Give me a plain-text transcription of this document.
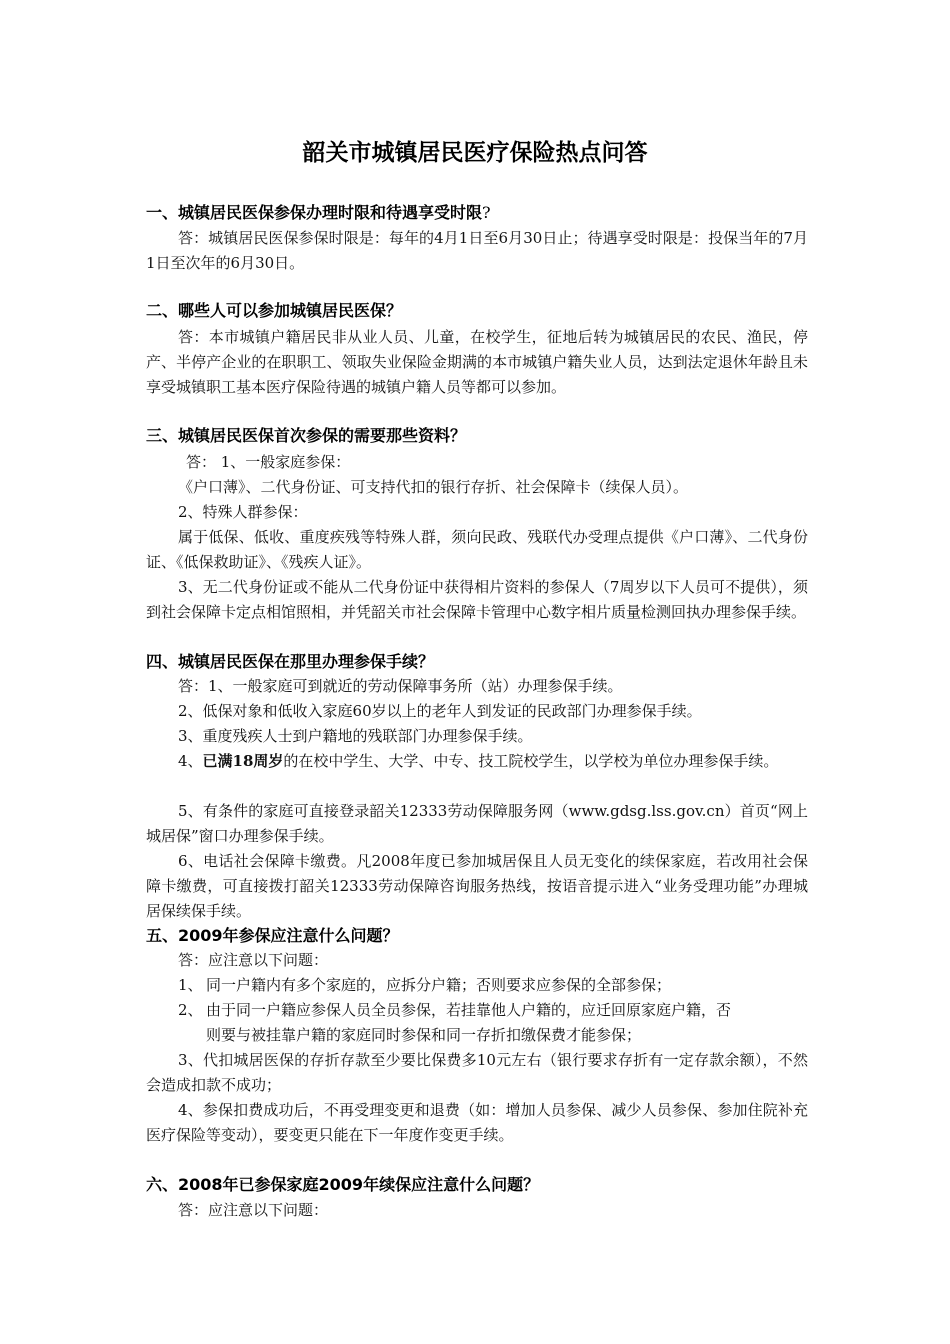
韶关市城镇居民医疗保险热点问答
一、城镇居民医保参保办理时限和待遇享受时限?
答：城镇居民医保参保时限是：每年的4月1日至6月30日止；待遇享受时限是：投保当年的7月1日至次年的6月30日。
二、哪些人可以参加城镇居民医保？
答：本市城镇户籍居民非从业人员、儿童，在校学生，征地后转为城镇居民的农民、渔民，停产、半停产企业的在职职工、领取失业保险金期满的本市城镇户籍失业人员，达到法定退休年龄且未享受城镇职工基本医疗保险待遇的城镇户籍人员等都可以参加。
三、城镇居民医保首次参保的需要那些资料？
答： 1、一般家庭参保：
《户口薄》、二代身份证、可支持代扣的银行存折、社会保障卡（续保人员）。
2、特殊人群参保：
属于低保、低收、重度疾残等特殊人群，须向民政、残联代办受理点提供《户口薄》、二代身份证、《低保救助证》、《残疾人证》。
3、无二代身份证或不能从二代身份证中获得相片资料的参保人（7周岁以下人员可不提供），须到社会保障卡定点相馆照相，并凭韶关市社会保障卡管理中心数字相片质量检测回执办理参保手续。
四、城镇居民医保在那里办理参保手续？
答：1、一般家庭可到就近的劳动保障事务所（站）办理参保手续。
2、低保对象和低收入家庭60岁以上的老年人到发证的民政部门办理参保手续。
3、重度残疾人士到户籍地的残联部门办理参保手续。
4、已满18周岁的在校中学生、大学、中专、技工院校学生，以学校为单位办理参保手续。
5、有条件的家庭可直接登录韶关12333劳动保障服务网（www.gdsg.lss.gov.cn）首页“网上城居保”窗口办理参保手续。
6、电话社会保障卡缴费。凡2008年度已参加城居保且人员无变化的续保家庭，若改用社会保障卡缴费，可直接拨打韶关12333劳动保障咨询服务热线，按语音提示进入“业务受理功能”办理城居保续保手续。
五、2009年参保应注意什么问题？
答：应注意以下问题：
1、 同一户籍内有多个家庭的，应拆分户籍；否则要求应参保的全部参保；
2、 由于同一户籍应参保人员全员参保，若挂靠他人户籍的，应迁回原家庭户籍，否
则要与被挂靠户籍的家庭同时参保和同一存折扣缴保费才能参保；
3、代扣城居医保的存折存款至少要比保费多10元左右（银行要求存折有一定存款余额），不然会造成扣款不成功；
4、参保扣费成功后，不再受理变更和退费（如：增加人员参保、减少人员参保、参加住院补充医疗保险等变动），要变更只能在下一年度作变更手续。
六、2008年已参保家庭2009年续保应注意什么问题？
答：应注意以下问题：
